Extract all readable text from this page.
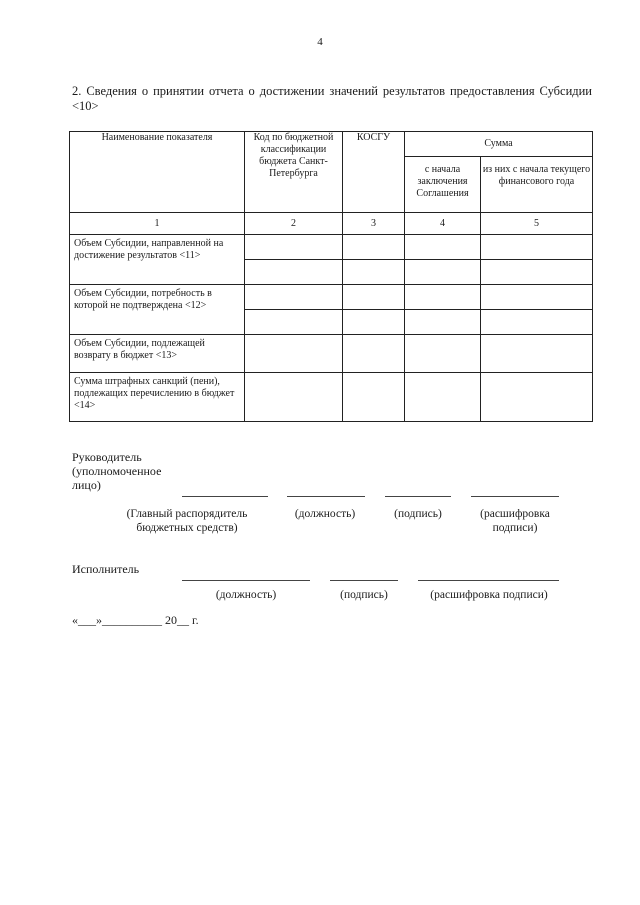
4
2. Сведения о принятии отчета о достижении значений результатов предоставления Субсидии <10>
Наименование показателя	Код по бюджетной классификации бюджета Санкт-Петербурга	КОСГУ	Сумма	
			с начала заключения Соглашения	из них с начала текущего финансового года
1	2	3	4	5
Объем Субсидии, направленной на достижение результатов <11>				

Объем Субсидии, потребность в которой не подтверждена <12>				

Объем Субсидии, подлежащей возврату в бюджет <13>				
Сумма штрафных санкций (пени), подлежащих перечислению в бюджет <14>				
Руководитель (уполномоченное лицо)
(Главный распорядитель бюджетных средств)
(должность)	(подпись)	(расшифровка подписи)
Исполнитель
(должность)	(подпись)	(расшифровка подписи)
«___»__________ 20__ г.
